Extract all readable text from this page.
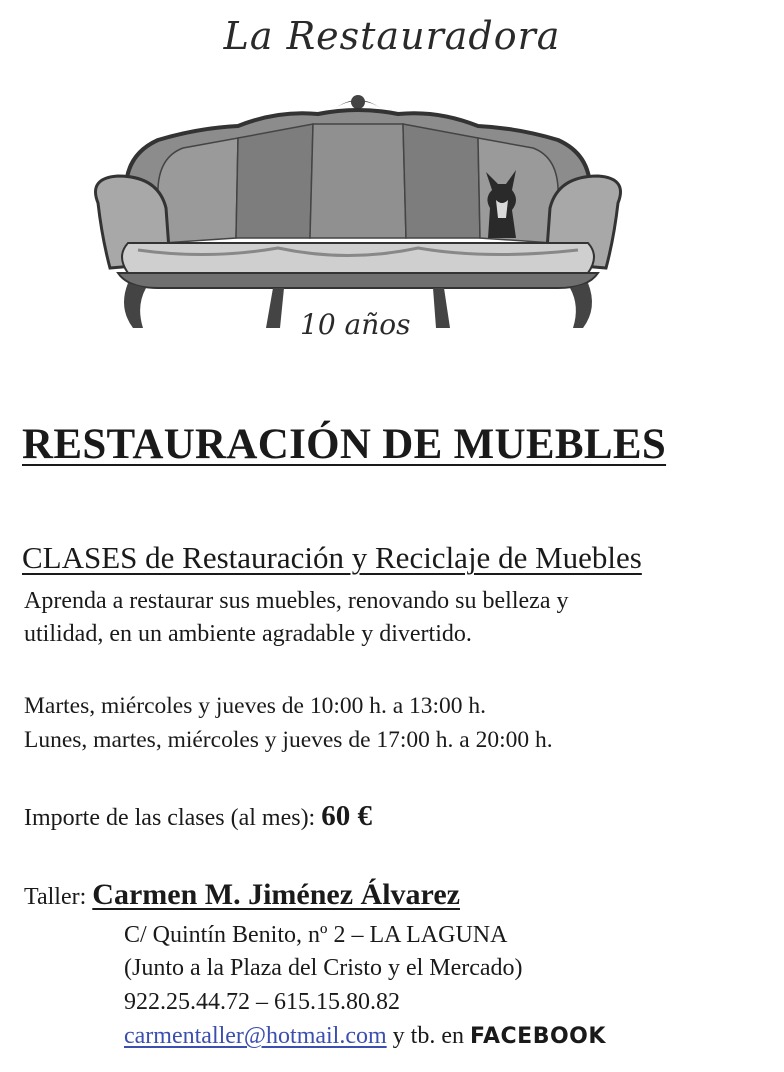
La Restauradora
10 años
RESTAURACIÓN DE MUEBLES
CLASES de Restauración y Reciclaje de Muebles
Aprenda a restaurar sus muebles, renovando su belleza y
utilidad, en un ambiente agradable y divertido.
Martes, miércoles y jueves de 10:00 h. a 13:00 h.
Lunes, martes, miércoles y jueves de 17:00 h. a 20:00 h.
Importe de las clases (al mes): 60 €
Taller: Carmen M. Jiménez Álvarez
C/ Quintín Benito, nº 2 – LA LAGUNA
(Junto a la Plaza del Cristo y el Mercado)
922.25.44.72 – 615.15.80.82
carmentaller@hotmail.com y tb. en FACEBOOK
